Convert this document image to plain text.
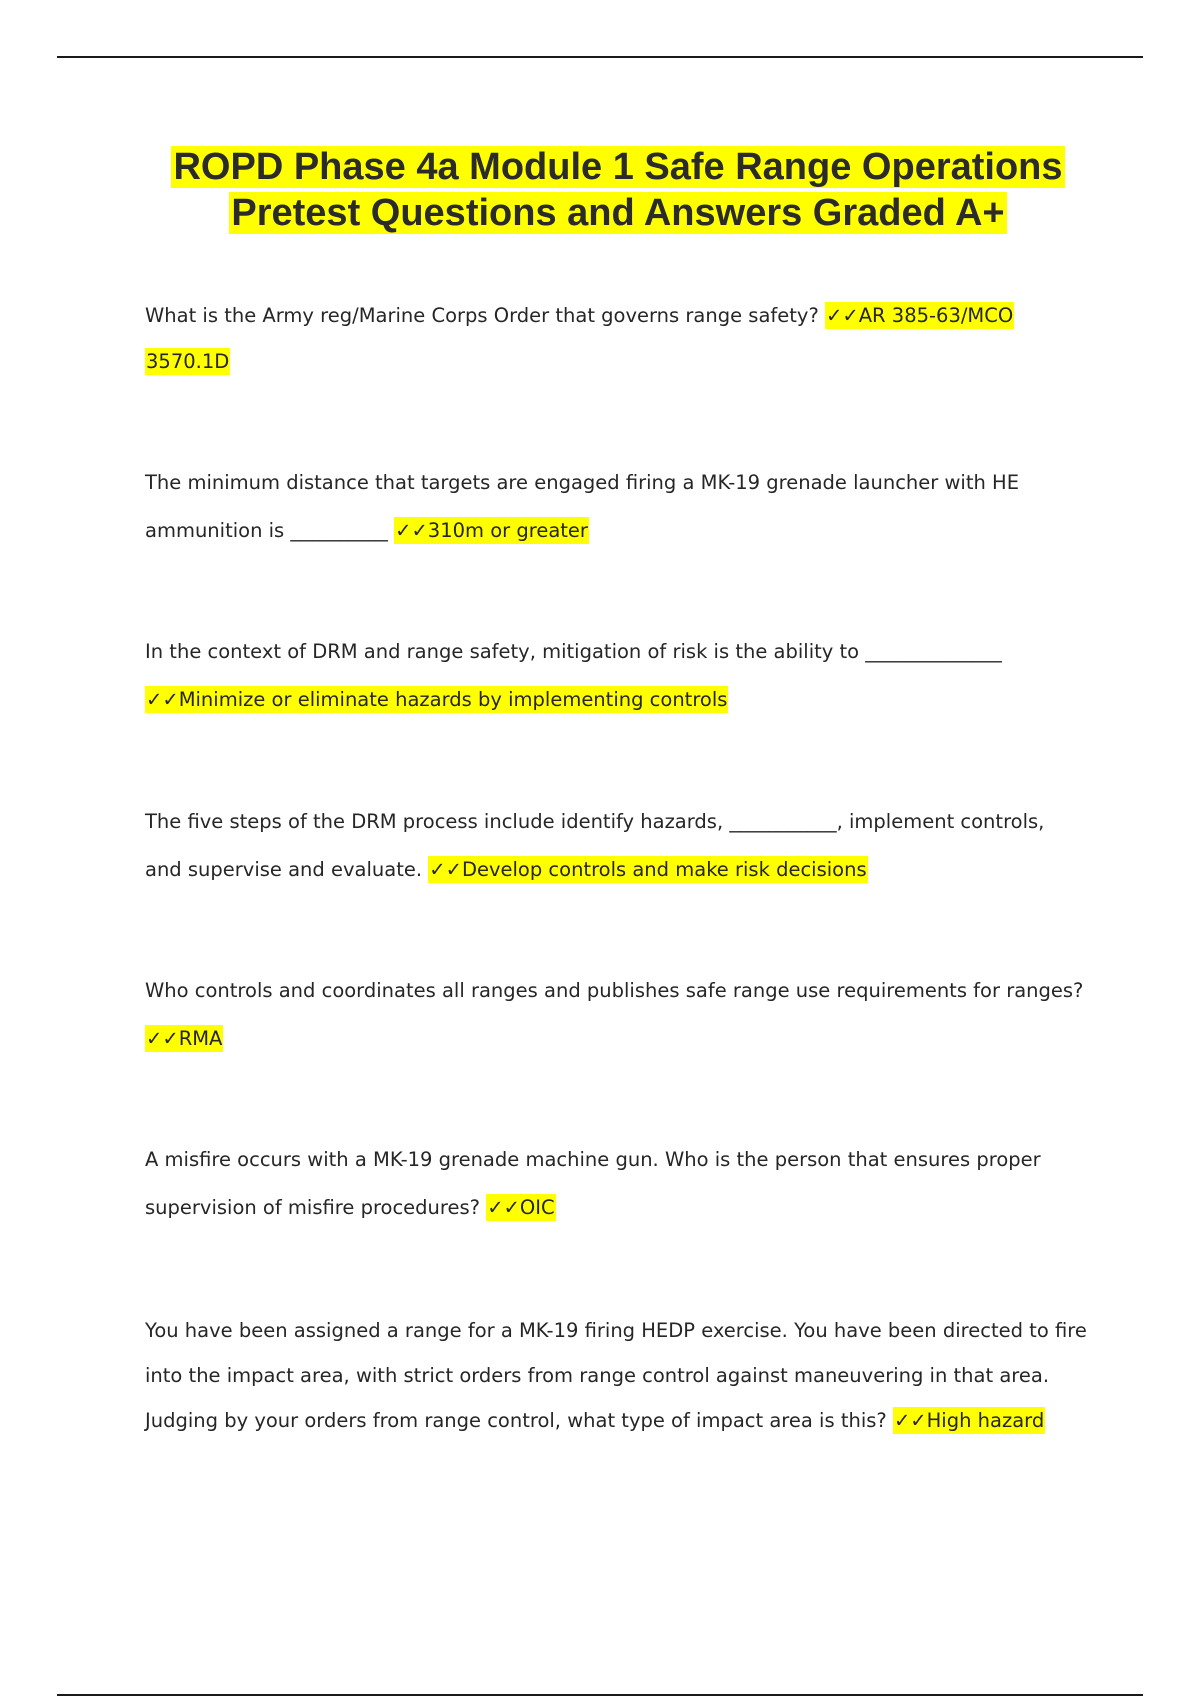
ROPD Phase 4a Module 1 Safe Range Operations
Pretest Questions and Answers Graded A+
What is the Army reg/Marine Corps Order that governs range safety? ✓✓AR 385-63/MCO
3570.1D
The minimum distance that targets are engaged firing a MK-19 grenade launcher with HE
ammunition is __________ ✓✓310m or greater
In the context of DRM and range safety, mitigation of risk is the ability to ______________
✓✓Minimize or eliminate hazards by implementing controls
The five steps of the DRM process include identify hazards, ___________, implement controls,
and supervise and evaluate. ✓✓Develop controls and make risk decisions
Who controls and coordinates all ranges and publishes safe range use requirements for ranges?
✓✓RMA
A misfire occurs with a MK-19 grenade machine gun. Who is the person that ensures proper
supervision of misfire procedures? ✓✓OIC
You have been assigned a range for a MK-19 firing HEDP exercise. You have been directed to fire
into the impact area, with strict orders from range control against maneuvering in that area.
Judging by your orders from range control, what type of impact area is this? ✓✓High hazard
